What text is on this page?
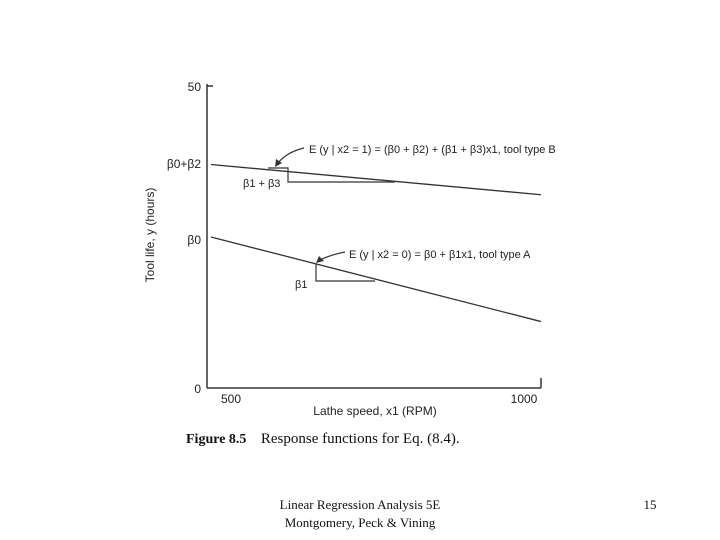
50
β0+β2
β0
0
500	1000
Lathe speed, x1 (RPM)
Tool life, y (hours)
β1 + β3
β1
E (y | x2 = 1) = (β0 + β2) + (β1 + β3)x1, tool type B
E (y | x2 = 0) = β0 + β1x1, tool type A
Figure 8.5 Response functions for Eq. (8.4).
Linear Regression Analysis 5E
Montgomery, Peck & Vining
15
